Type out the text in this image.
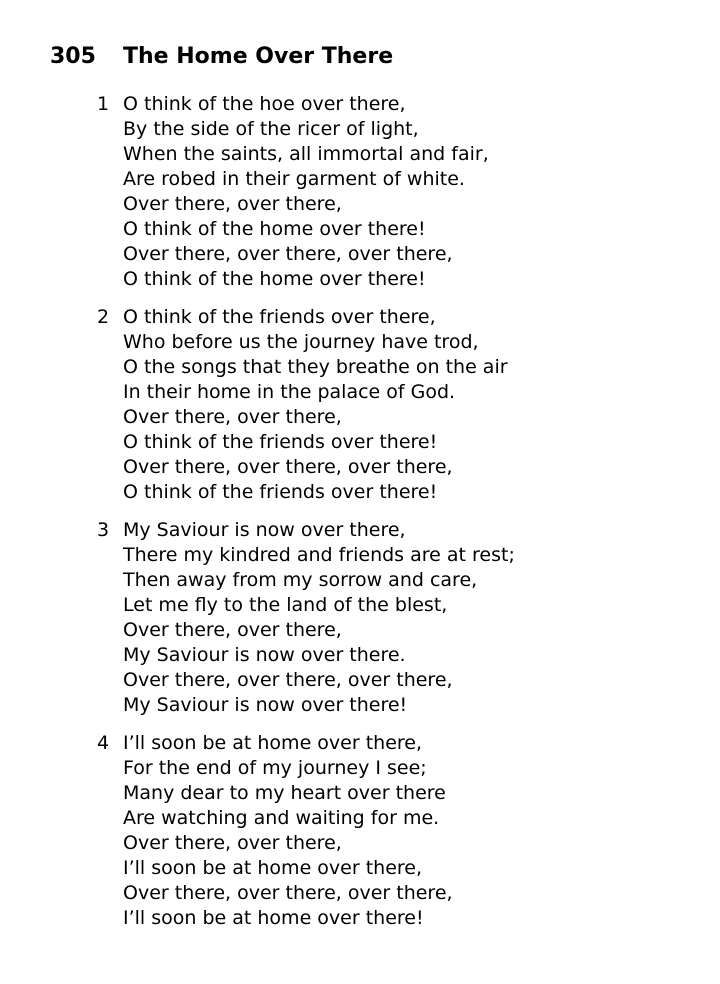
305	The Home Over There
1 O think of the hoe over there,
By the side of the ricer of light,
When the saints, all immortal and fair,
Are robed in their garment of white.
Over there, over there,
O think of the home over there!
Over there, over there, over there,
O think of the home over there!
2 O think of the friends over there,
Who before us the journey have trod,
O the songs that they breathe on the air
In their home in the palace of God.
Over there, over there,
O think of the friends over there!
Over there, over there, over there,
O think of the friends over there!
3 My Saviour is now over there,
There my kindred and friends are at rest;
Then away from my sorrow and care,
Let me fly to the land of the blest,
Over there, over there,
My Saviour is now over there.
Over there, over there, over there,
My Saviour is now over there!
4 I’ll soon be at home over there,
For the end of my journey I see;
Many dear to my heart over there
Are watching and waiting for me.
Over there, over there,
I’ll soon be at home over there,
Over there, over there, over there,
I’ll soon be at home over there!
